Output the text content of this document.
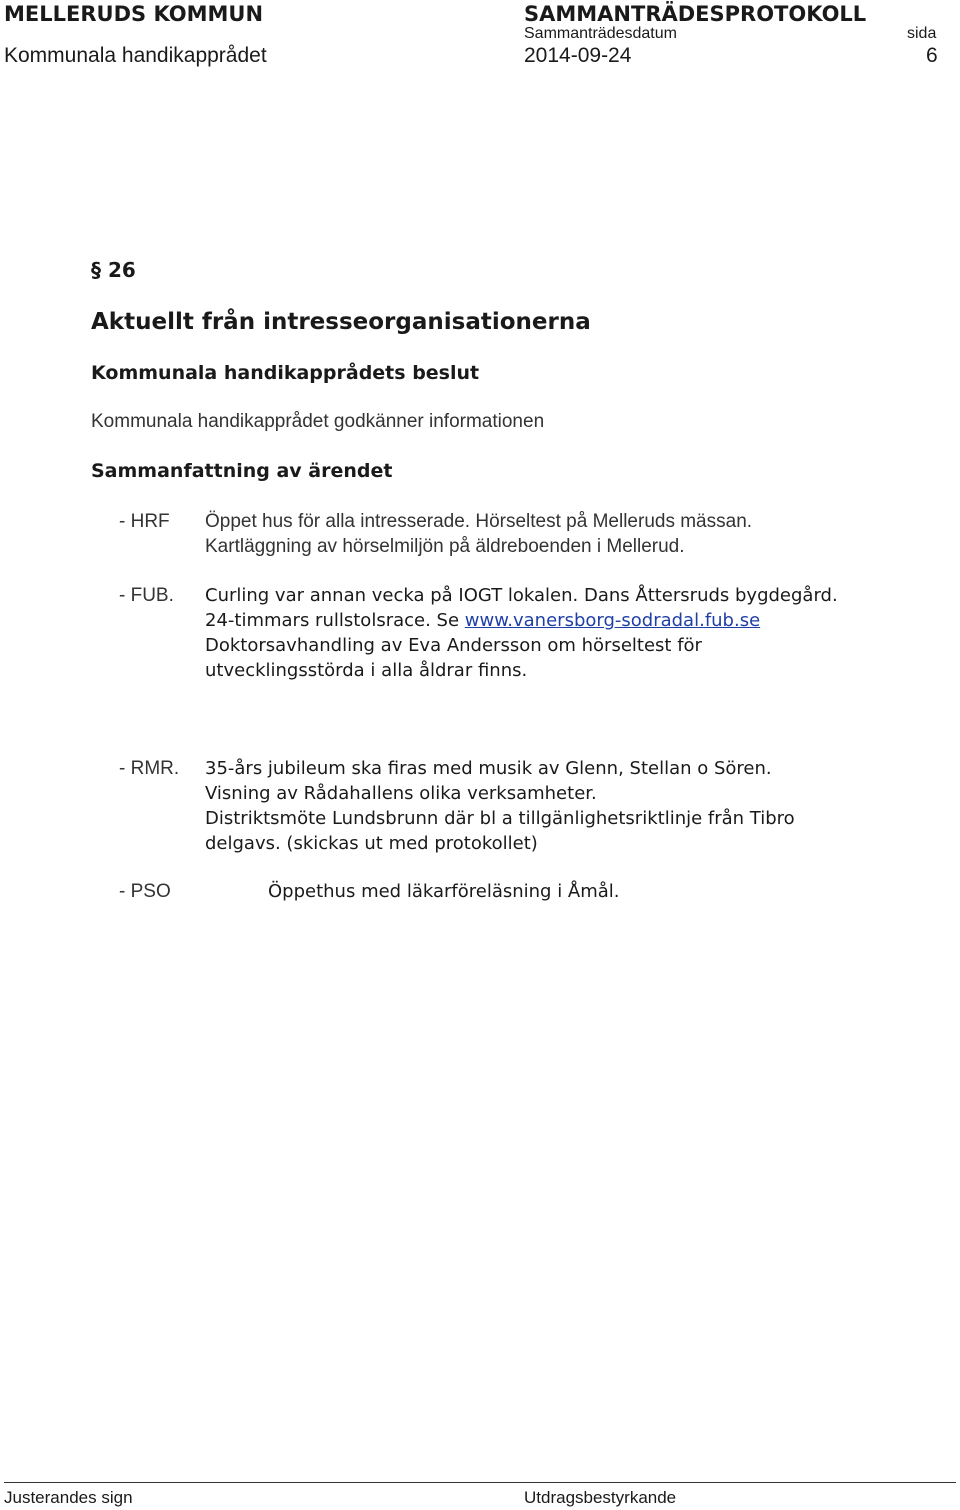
MELLERUDS KOMMUN	SAMMANTRÄDESPROTOKOLL
Sammanträdesdatum	sida
Kommunala handikapprådet	2014-09-24	6
§ 26
Aktuellt från intresseorganisationerna
Kommunala handikapprådets beslut
Kommunala handikapprådet godkänner informationen
Sammanfattning av ärendet
- HRF Öppet hus för alla intresserade. Hörseltest på Melleruds mässan.
Kartläggning av hörselmiljön på äldreboenden i Mellerud.
- FUB. Curling var annan vecka på IOGT lokalen. Dans Åttersruds bygdegård.
24-timmars rullstolsrace. Se www.vanersborg-sodradal.fub.se
Doktorsavhandling av Eva Andersson om hörseltest för
utvecklingsstörda i alla åldrar finns.
- RMR. 35-års jubileum ska firas med musik av Glenn, Stellan o Sören.
Visning av Rådahallens olika verksamheter.
Distriktsmöte Lundsbrunn där bl a tillgänlighetsriktlinje från Tibro
delgavs. (skickas ut med protokollet)
- PSO	Öppethus med läkarföreläsning i Åmål.
Justerandes sign	Utdragsbestyrkande
